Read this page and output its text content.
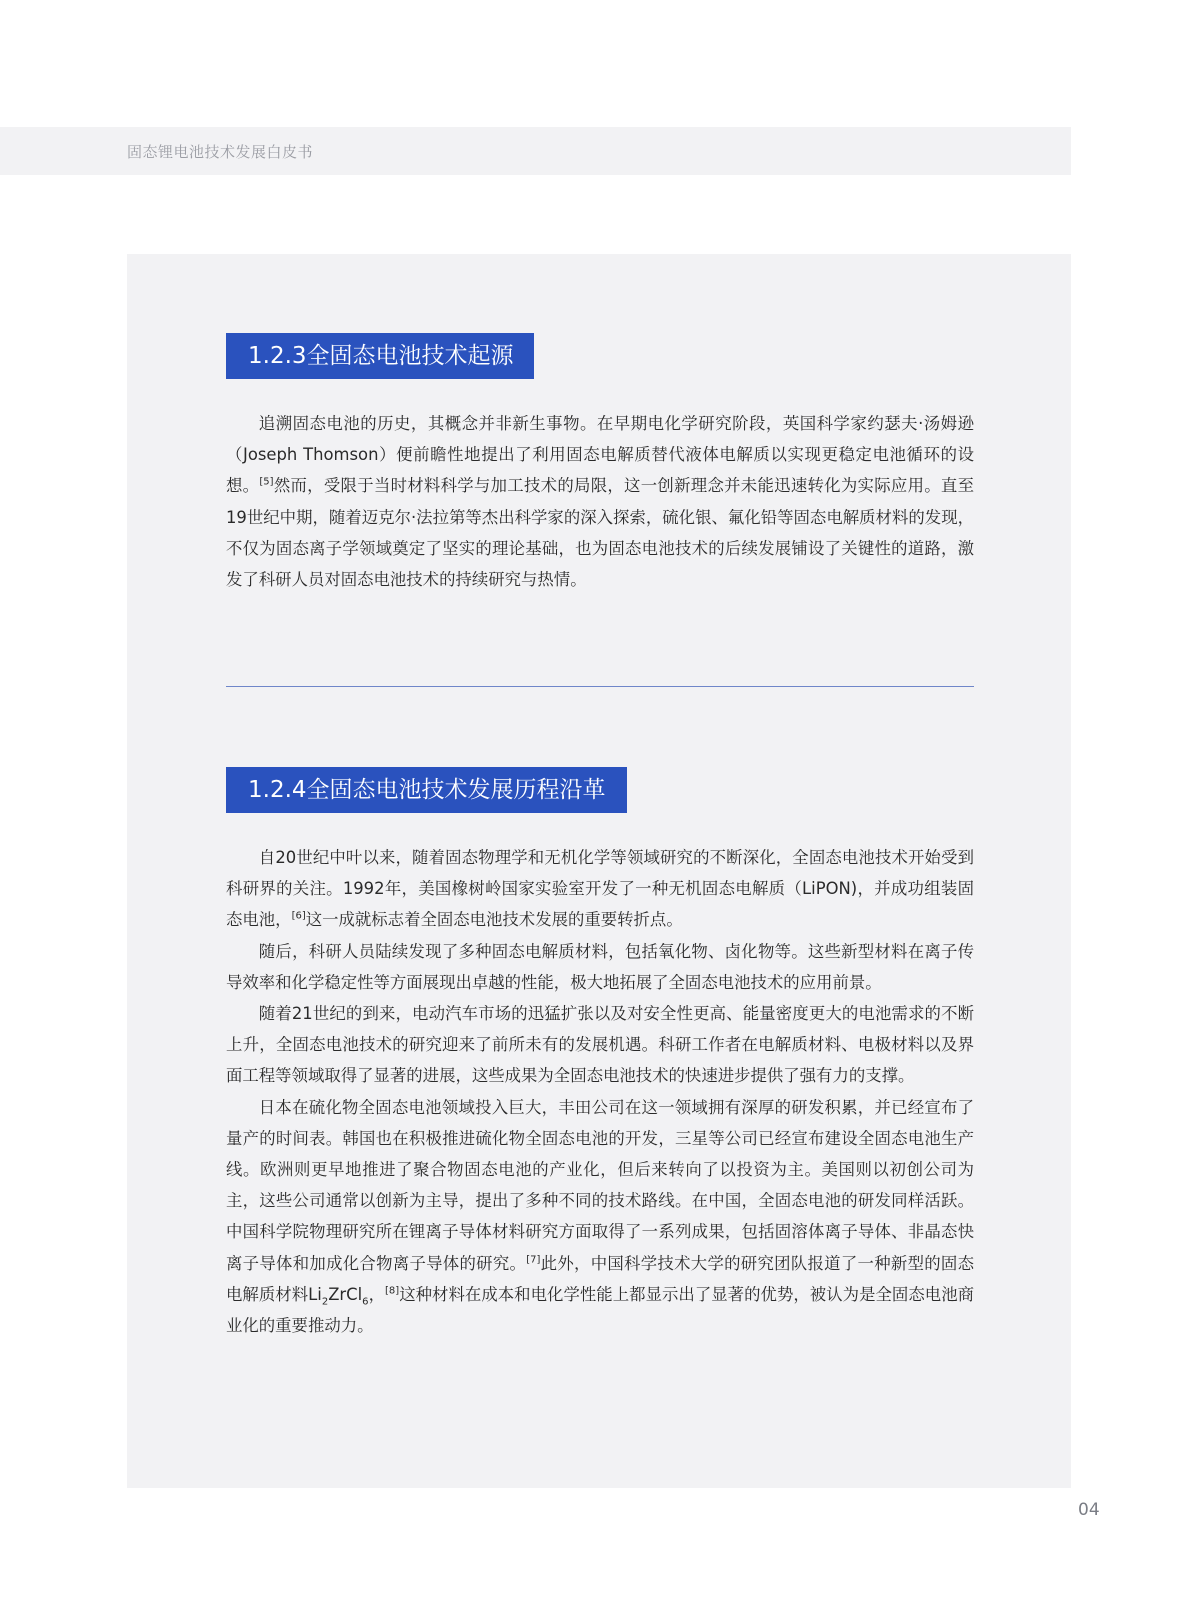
固态锂电池技术发展白皮书
1.2.3全固态电池技术起源

追溯固态电池的历史，其概念并非新生事物。在早期电化学研究阶段，英国科学家约瑟夫·汤姆逊（Joseph Thomson）便前瞻性地提出了利用固态电解质替代液体电解质以实现更稳定电池循环的设想。[5]然而，受限于当时材料科学与加工技术的局限，这一创新理念并未能迅速转化为实际应用。直至19世纪中期，随着迈克尔·法拉第等杰出科学家的深入探索，硫化银、氟化铅等固态电解质材料的发现，不仅为固态离子学领域奠定了坚实的理论基础，也为固态电池技术的后续发展铺设了关键性的道路，激发了科研人员对固态电池技术的持续研究与热情。

1.2.4全固态电池技术发展历程沿革

自20世纪中叶以来，随着固态物理学和无机化学等领域研究的不断深化，全固态电池技术开始受到科研界的关注。1992年，美国橡树岭国家实验室开发了一种无机固态电解质（LiPON)，并成功组装固态电池，[6]这一成就标志着全固态电池技术发展的重要转折点。

随后，科研人员陆续发现了多种固态电解质材料，包括氧化物、卤化物等。这些新型材料在离子传导效率和化学稳定性等方面展现出卓越的性能，极大地拓展了全固态电池技术的应用前景。

随着21世纪的到来，电动汽车市场的迅猛扩张以及对安全性更高、能量密度更大的电池需求的不断上升，全固态电池技术的研究迎来了前所未有的发展机遇。科研工作者在电解质材料、电极材料以及界面工程等领域取得了显著的进展，这些成果为全固态电池技术的快速进步提供了强有力的支撑。

日本在硫化物全固态电池领域投入巨大，丰田公司在这一领域拥有深厚的研发积累，并已经宣布了量产的时间表。韩国也在积极推进硫化物全固态电池的开发，三星等公司已经宣布建设全固态电池生产线。欧洲则更早地推进了聚合物固态电池的产业化，但后来转向了以投资为主。美国则以初创公司为主，这些公司通常以创新为主导，提出了多种不同的技术路线。在中国，全固态电池的研发同样活跃。中国科学院物理研究所在锂离子导体材料研究方面取得了一系列成果，包括固溶体离子导体、非晶态快离子导体和加成化合物离子导体的研究。[7]此外，中国科学技术大学的研究团队报道了一种新型的固态电解质材料$Li_2ZrCl_6$，[8]这种材料在成本和电化学性能上都显示出了显著的优势，被认为是全固态电池商业化的重要推动力。

04
